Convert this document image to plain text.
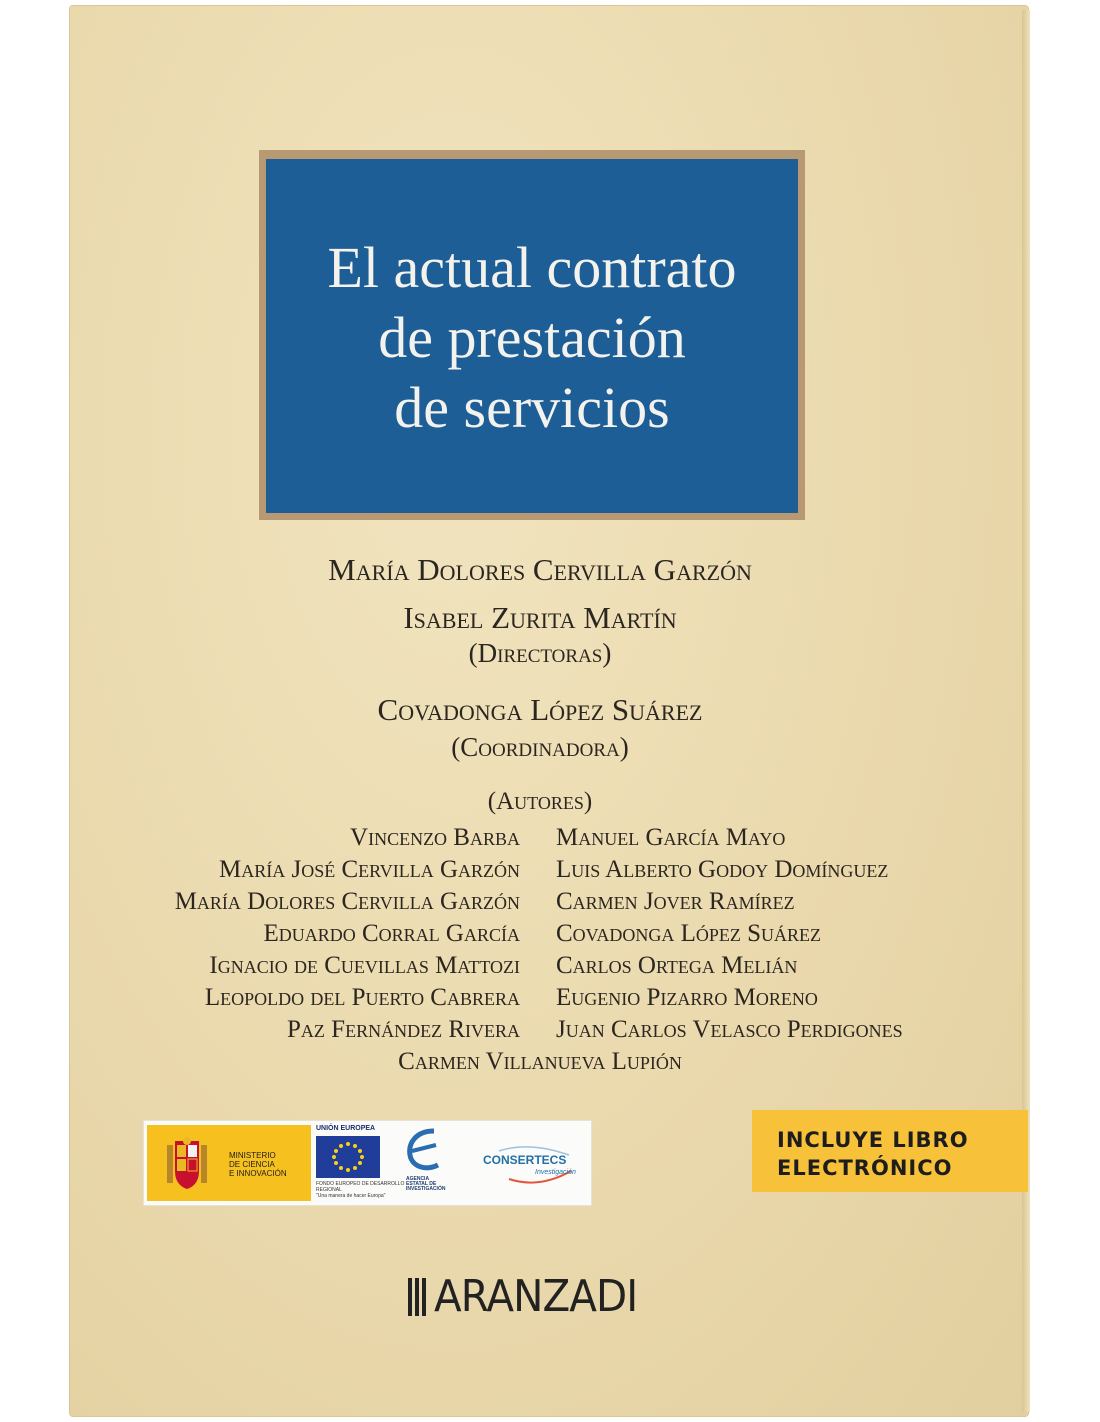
El actual contrato
de prestación
de servicios
María Dolores Cervilla Garzón
Isabel Zurita Martín
(Directoras)
Covadonga López Suárez
(Coordinadora)
(Autores)
Vincenzo Barba
María José Cervilla Garzón
María Dolores Cervilla Garzón
Eduardo Corral García
Ignacio de Cuevillas Mattozi
Leopoldo del Puerto Cabrera
Paz Fernández Rivera
Manuel García Mayo
Luis Alberto Godoy Domínguez
Carmen Jover Ramírez
Covadonga López Suárez
Carlos Ortega Melián
Eugenio Pizarro Moreno
Juan Carlos Velasco Perdigones
Carmen Villanueva Lupión
MINISTERIO
DE CIENCIA
E INNOVACIÓN
UNIÓN EUROPEA
FONDO EUROPEO DE DESARROLLO REGIONAL
"Una manera de hacer Europa"
AGENCIA
ESTATAL DE
INVESTIGACIÓN
CONSERTECS
Investigación
INCLUYE LIBRO
ELECTRÓNICO
ARANZADI
